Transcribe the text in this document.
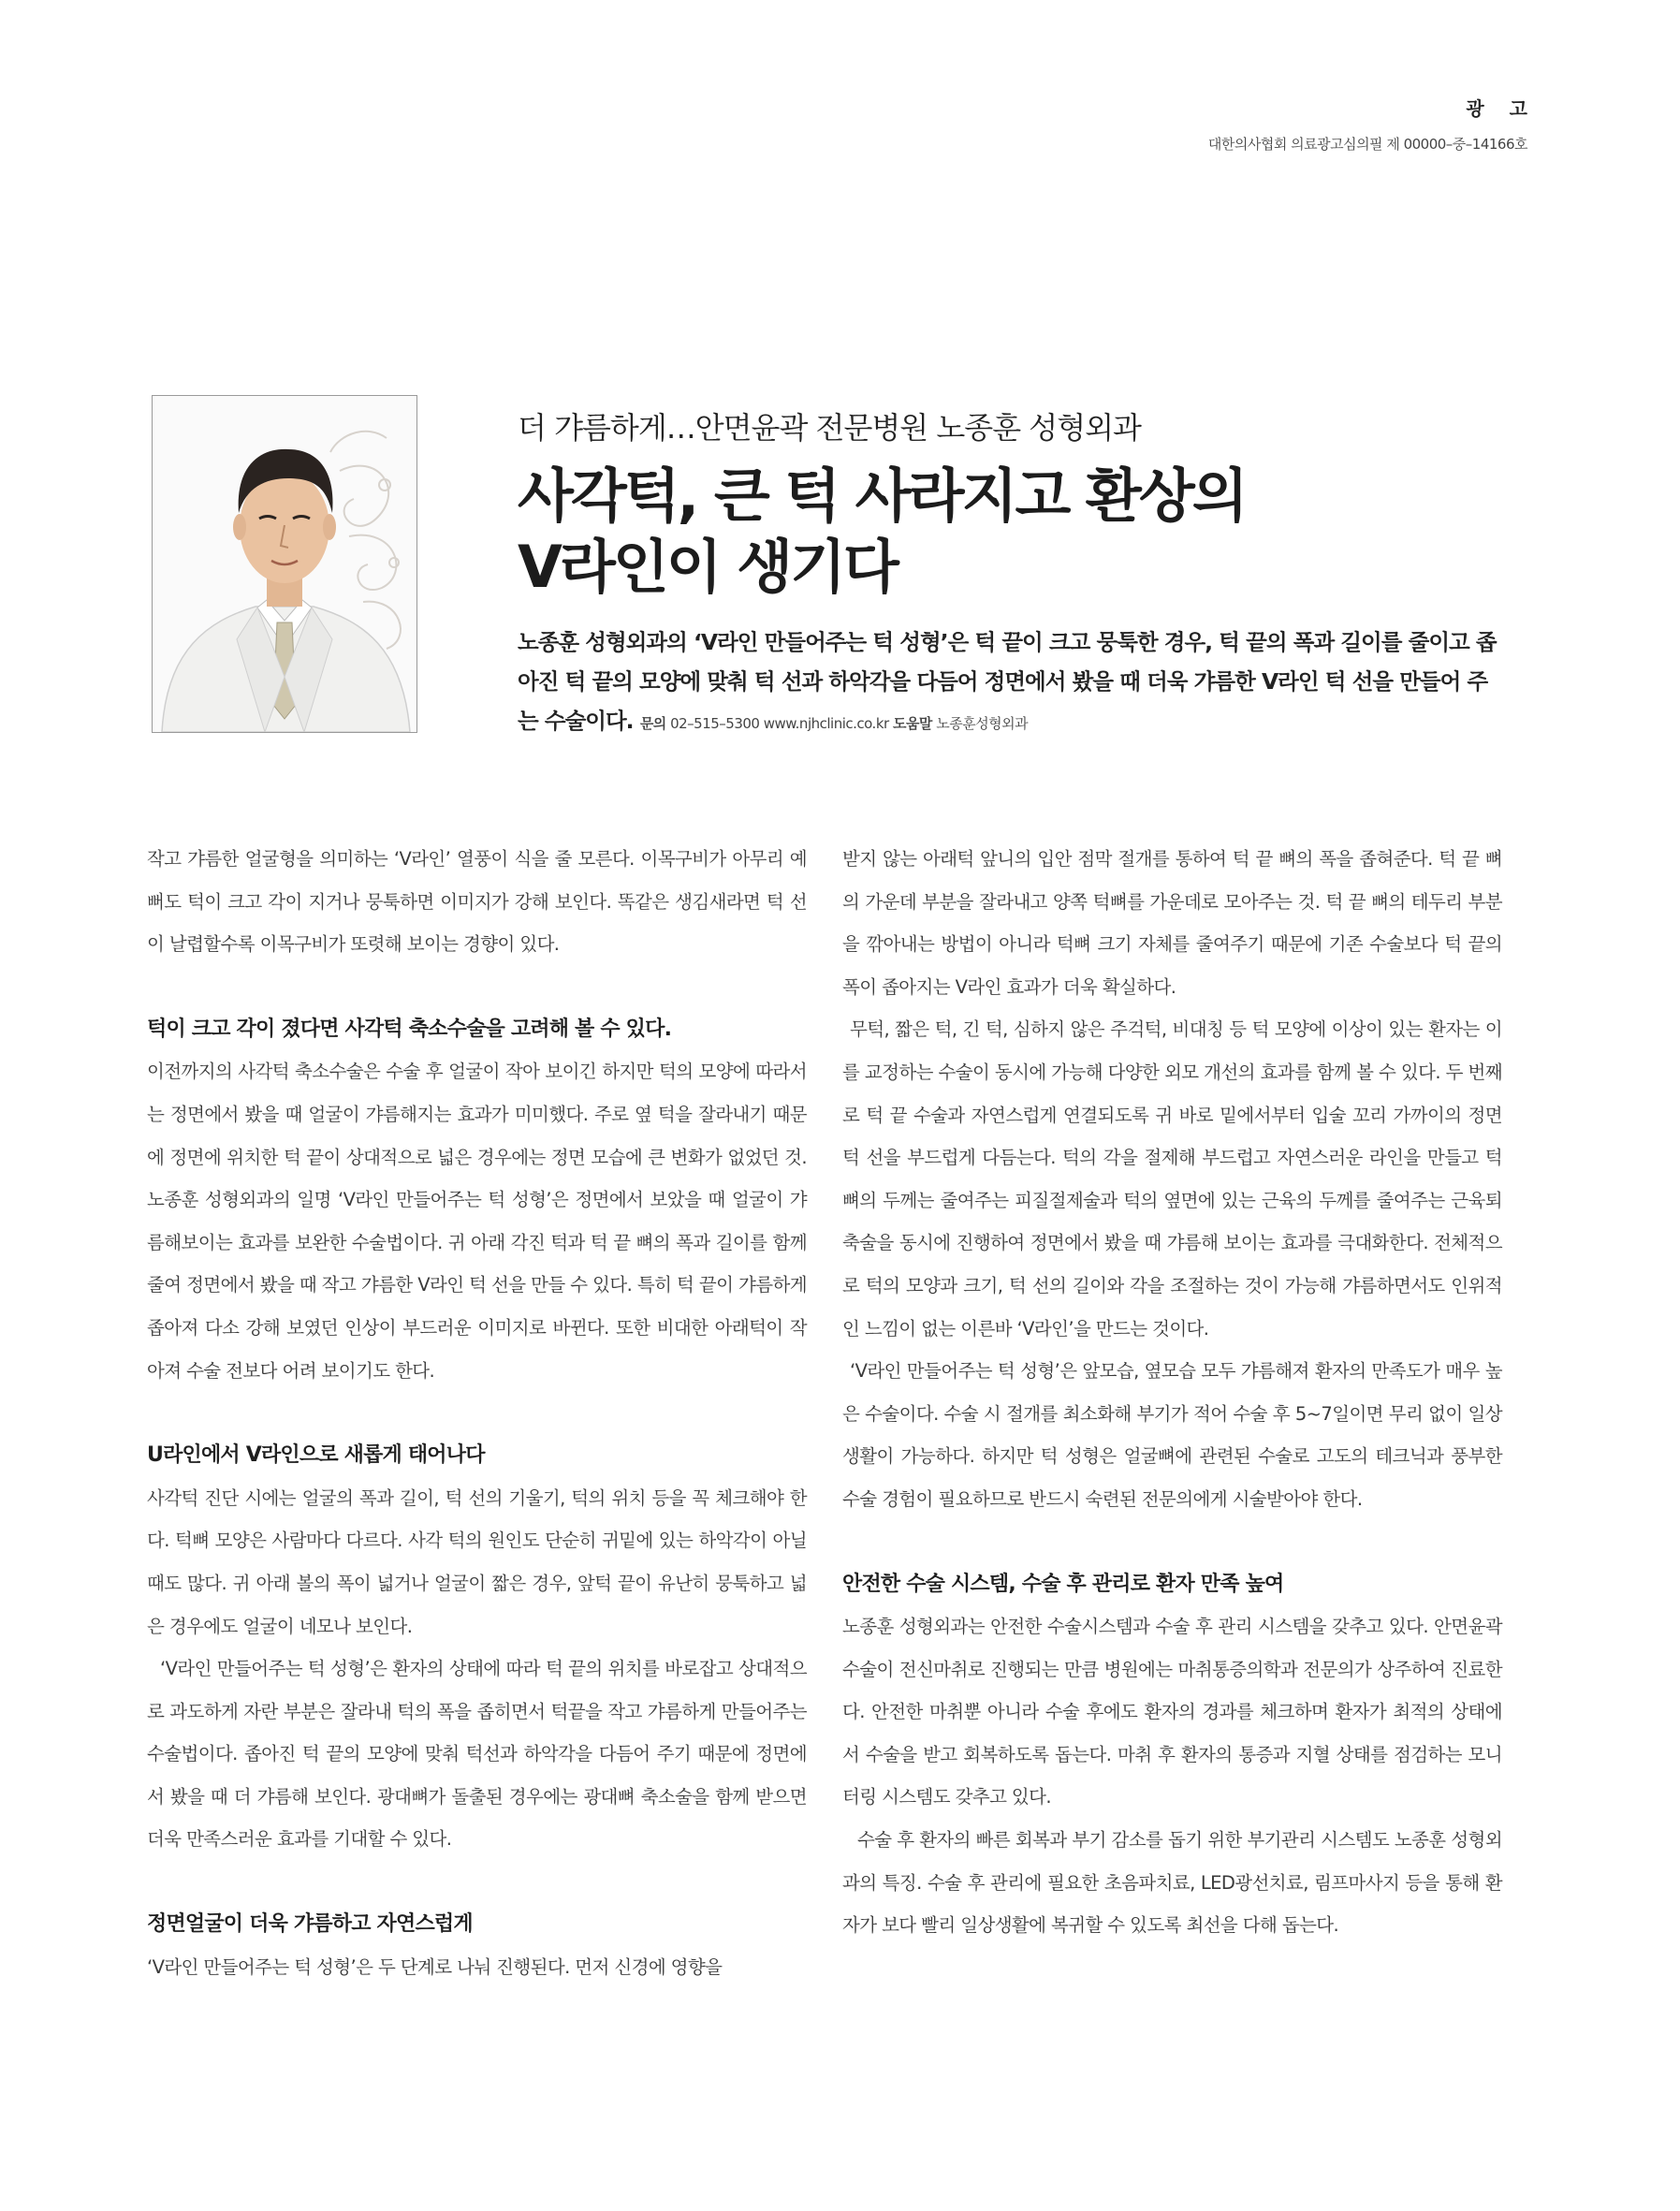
광 고
대한의사협회 의료광고심의필 제 00000–중–14166호

더 갸름하게…안면윤곽 전문병원 노종훈 성형외과

사각턱, 큰 턱 사라지고 환상의
V라인이 생기다
노종훈 성형외과의 ‘V라인 만들어주는 턱 성형’은 턱 끝이 크고 뭉툭한 경우, 턱 끝의 폭과 길이를 줄이고 좁아진 턱 끝의 모양에 맞춰 턱 선과 하악각을 다듬어 정면에서 봤을 때 더욱 갸름한 V라인 턱 선을 만들어 주는 수술이다. 문의 02–515–5300 www.njhclinic.co.kr 도움말 노종훈성형외과

작고 갸름한 얼굴형을 의미하는 ‘V라인’ 열풍이 식을 줄 모른다. 이목구비가 아무리 예뻐도 턱이 크고 각이 지거나 뭉툭하면 이미지가 강해 보인다. 똑같은 생김새라면 턱 선이 날렵할수록 이목구비가 또렷해 보이는 경향이 있다.

턱이 크고 각이 졌다면 사각턱 축소수술을 고려해 볼 수 있다.

이전까지의 사각턱 축소수술은 수술 후 얼굴이 작아 보이긴 하지만 턱의 모양에 따라서는 정면에서 봤을 때 얼굴이 갸름해지는 효과가 미미했다. 주로 옆 턱을 잘라내기 때문에 정면에 위치한 턱 끝이 상대적으로 넓은 경우에는 정면 모습에 큰 변화가 없었던 것. 노종훈 성형외과의 일명 ‘V라인 만들어주는 턱 성형’은 정면에서 보았을 때 얼굴이 갸름해보이는 효과를 보완한 수술법이다. 귀 아래 각진 턱과 턱 끝 뼈의 폭과 길이를 함께 줄여 정면에서 봤을 때 작고 갸름한 V라인 턱 선을 만들 수 있다. 특히 턱 끝이 갸름하게 좁아져 다소 강해 보였던 인상이 부드러운 이미지로 바뀐다. 또한 비대한 아래턱이 작아져 수술 전보다 어려 보이기도 한다.

U라인에서 V라인으로 새롭게 태어나다

사각턱 진단 시에는 얼굴의 폭과 길이, 턱 선의 기울기, 턱의 위치 등을 꼭 체크해야 한다. 턱뼈 모양은 사람마다 다르다. 사각 턱의 원인도 단순히 귀밑에 있는 하악각이 아닐 때도 많다. 귀 아래 볼의 폭이 넓거나 얼굴이 짧은 경우, 앞턱 끝이 유난히 뭉툭하고 넓은 경우에도 얼굴이 네모나 보인다.

‘V라인 만들어주는 턱 성형’은 환자의 상태에 따라 턱 끝의 위치를 바로잡고 상대적으로 과도하게 자란 부분은 잘라내 턱의 폭을 좁히면서 턱끝을 작고 갸름하게 만들어주는 수술법이다. 좁아진 턱 끝의 모양에 맞춰 턱선과 하악각을 다듬어 주기 때문에 정면에서 봤을 때 더 갸름해 보인다. 광대뼈가 돌출된 경우에는 광대뼈 축소술을 함께 받으면 더욱 만족스러운 효과를 기대할 수 있다.

정면얼굴이 더욱 갸름하고 자연스럽게

‘V라인 만들어주는 턱 성형’은 두 단계로 나눠 진행된다. 먼저 신경에 영향을

받지 않는 아래턱 앞니의 입안 점막 절개를 통하여 턱 끝 뼈의 폭을 좁혀준다. 턱 끝 뼈의 가운데 부분을 잘라내고 양쪽 턱뼈를 가운데로 모아주는 것. 턱 끝 뼈의 테두리 부분을 깎아내는 방법이 아니라 턱뼈 크기 자체를 줄여주기 때문에 기존 수술보다 턱 끝의 폭이 좁아지는 V라인 효과가 더욱 확실하다.

무턱, 짧은 턱, 긴 턱, 심하지 않은 주걱턱, 비대칭 등 턱 모양에 이상이 있는 환자는 이를 교정하는 수술이 동시에 가능해 다양한 외모 개선의 효과를 함께 볼 수 있다. 두 번째로 턱 끝 수술과 자연스럽게 연결되도록 귀 바로 밑에서부터 입술 꼬리 가까이의 정면 턱 선을 부드럽게 다듬는다. 턱의 각을 절제해 부드럽고 자연스러운 라인을 만들고 턱뼈의 두께는 줄여주는 피질절제술과 턱의 옆면에 있는 근육의 두께를 줄여주는 근육퇴축술을 동시에 진행하여 정면에서 봤을 때 갸름해 보이는 효과를 극대화한다. 전체적으로 턱의 모양과 크기, 턱 선의 길이와 각을 조절하는 것이 가능해 갸름하면서도 인위적인 느낌이 없는 이른바 ‘V라인’을 만드는 것이다.

‘V라인 만들어주는 턱 성형’은 앞모습, 옆모습 모두 갸름해져 환자의 만족도가 매우 높은 수술이다. 수술 시 절개를 최소화해 부기가 적어 수술 후 5~7일이면 무리 없이 일상생활이 가능하다. 하지만 턱 성형은 얼굴뼈에 관련된 수술로 고도의 테크닉과 풍부한 수술 경험이 필요하므로 반드시 숙련된 전문의에게 시술받아야 한다.

안전한 수술 시스템, 수술 후 관리로 환자 만족 높여

노종훈 성형외과는 안전한 수술시스템과 수술 후 관리 시스템을 갖추고 있다. 안면윤곽 수술이 전신마취로 진행되는 만큼 병원에는 마취통증의학과 전문의가 상주하여 진료한다. 안전한 마취뿐 아니라 수술 후에도 환자의 경과를 체크하며 환자가 최적의 상태에서 수술을 받고 회복하도록 돕는다. 마취 후 환자의 통증과 지혈 상태를 점검하는 모니터링 시스템도 갖추고 있다.

수술 후 환자의 빠른 회복과 부기 감소를 돕기 위한 부기관리 시스템도 노종훈 성형외과의 특징. 수술 후 관리에 필요한 초음파치료, LED광선치료, 림프마사지 등을 통해 환자가 보다 빨리 일상생활에 복귀할 수 있도록 최선을 다해 돕는다.
